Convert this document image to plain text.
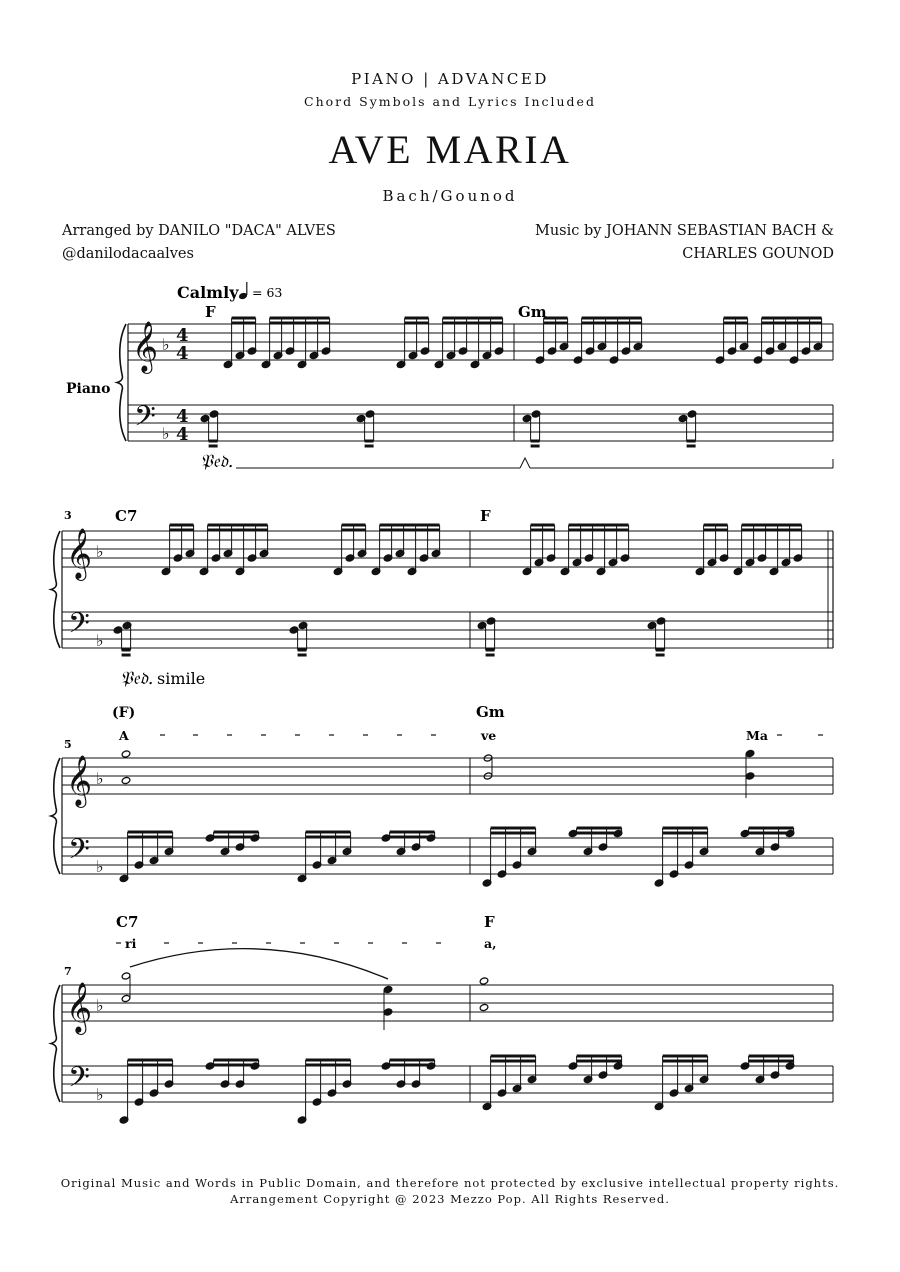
PIANO | ADVANCED
Chord Symbols and Lyrics Included
AVE MARIA
Bach/Gounod
Arranged by DANILO "DACA" ALVES
@danilodacaalves
Music by JOHANN SEBASTIAN BACH &
CHARLES GOUNOD
Calmly = 63
Piano
F	Gm
C7	F
(F)	Gm
C7	F
3
5
7
A	ve	Ma
ri	a,
𝔓𝔢𝔡.
𝔓𝔢𝔡. simile
𝄞
𝄢
♭
♭
4
4
4
4
𝄞
𝄢
♭
♭
𝄞
𝄢
♭
♭
𝄞
𝄢
♭
♭
Original Music and Words in Public Domain, and therefore not protected by exclusive intellectual property rights.
Arrangement Copyright @ 2023 Mezzo Pop. All Rights Reserved.
